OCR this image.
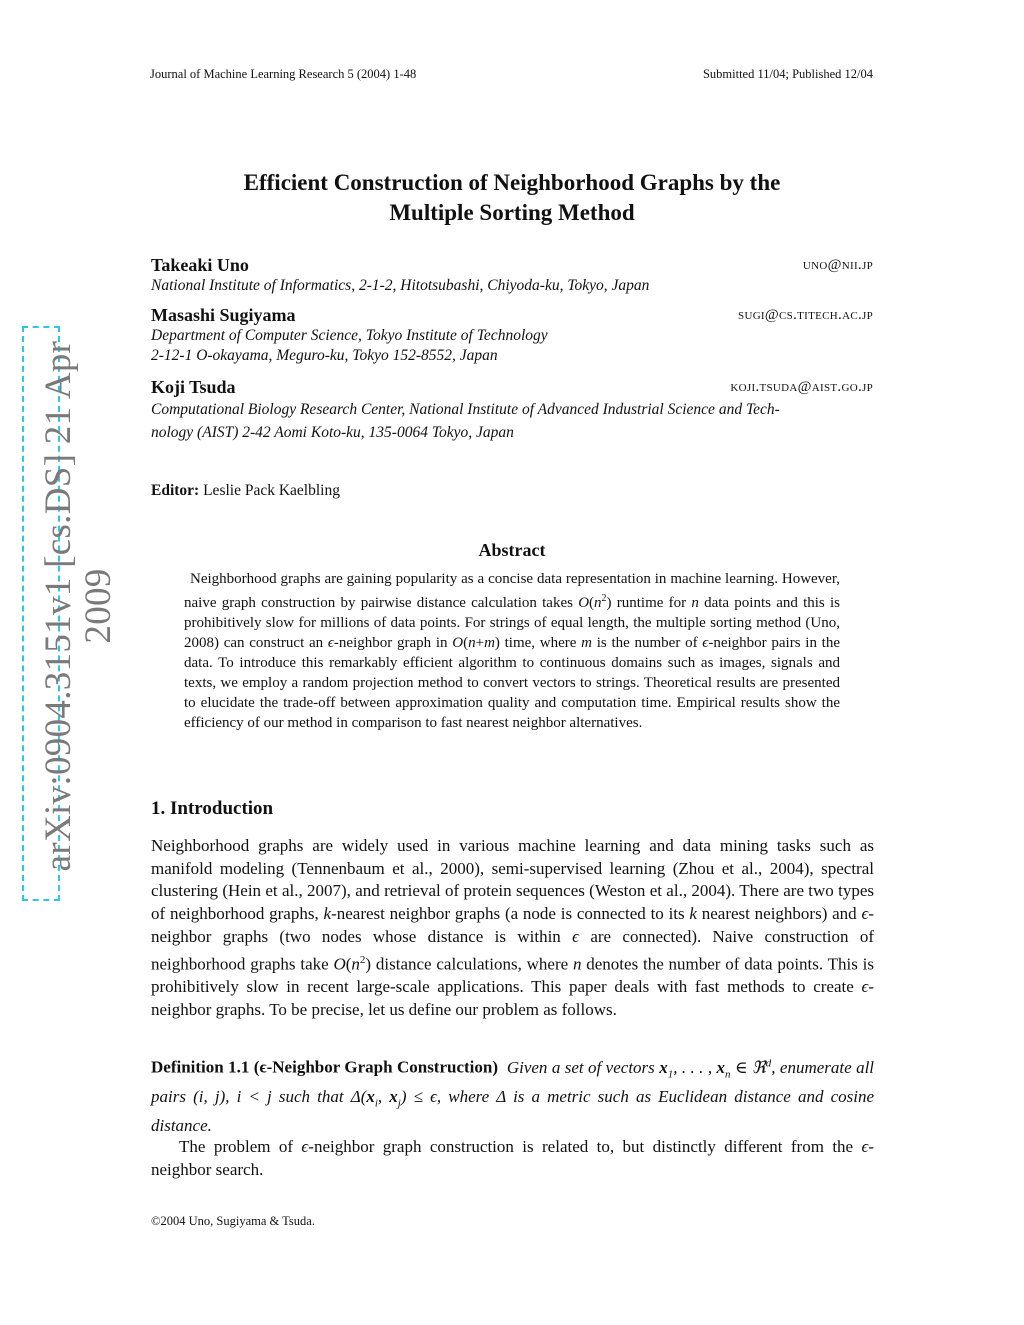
Journal of Machine Learning Research 5 (2004) 1-48	Submitted 11/04; Published 12/04
arXiv:0904.3151v1 [cs.DS] 21 Apr 2009
Efficient Construction of Neighborhood Graphs by the
Multiple Sorting Method
Takeaki Uno	uno@nii.jp
National Institute of Informatics, 2-1-2, Hitotsubashi, Chiyoda-ku, Tokyo, Japan
Masashi Sugiyama	sugi@cs.titech.ac.jp
Department of Computer Science, Tokyo Institute of Technology
2-12-1 O-okayama, Meguro-ku, Tokyo 152-8552, Japan
Koji Tsuda	koji.tsuda@aist.go.jp
Computational Biology Research Center, National Institute of Advanced Industrial Science and Tech-
nology (AIST) 2-42 Aomi Koto-ku, 135-0064 Tokyo, Japan
Editor: Leslie Pack Kaelbling
Abstract
Neighborhood graphs are gaining popularity as a concise data representation in machine learning. However, naive graph construction by pairwise distance calculation takes $O(n^2)$ runtime for n data points and this is prohibitively slow for millions of data points. For strings of equal length, the multiple sorting method (Uno, 2008) can construct an ϵ-neighbor graph in O(n+m) time, where m is the number of ϵ-neighbor pairs in the data. To introduce this remarkably efficient algorithm to continuous domains such as images, signals and texts, we employ a random projection method to convert vectors to strings. Theoretical results are presented to elucidate the trade-off between approximation quality and computation time. Empirical results show the efficiency of our method in comparison to fast nearest neighbor alternatives.
1. Introduction
Neighborhood graphs are widely used in various machine learning and data mining tasks such as manifold modeling (Tennenbaum et al., 2000), semi-supervised learning (Zhou et al., 2004), spectral clustering (Hein et al., 2007), and retrieval of protein sequences (Weston et al., 2004). There are two types of neighborhood graphs, k-nearest neighbor graphs (a node is connected to its k nearest neighbors) and ϵ-neighbor graphs (two nodes whose distance is within ϵ are connected). Naive construction of neighborhood graphs take $O(n^2)$ distance calculations, where n denotes the number of data points. This is prohibitively slow in recent large-scale applications. This paper deals with fast methods to create ϵ-neighbor graphs. To be precise, let us define our problem as follows.
Definition 1.1 (ϵ-Neighbor Graph Construction) Given a set of vectors $x_1$, . . . , $x_n$ ∈ ℜ$^d$, enumerate all pairs (i, j), i < j such that $\Delta(x_i$, $x_j) \le \epsilon$, where Δ is a metric such as Euclidean distance and cosine distance.
The problem of ϵ-neighbor graph construction is related to, but distinctly different from the ϵ-neighbor search.
©2004 Uno, Sugiyama & Tsuda.
